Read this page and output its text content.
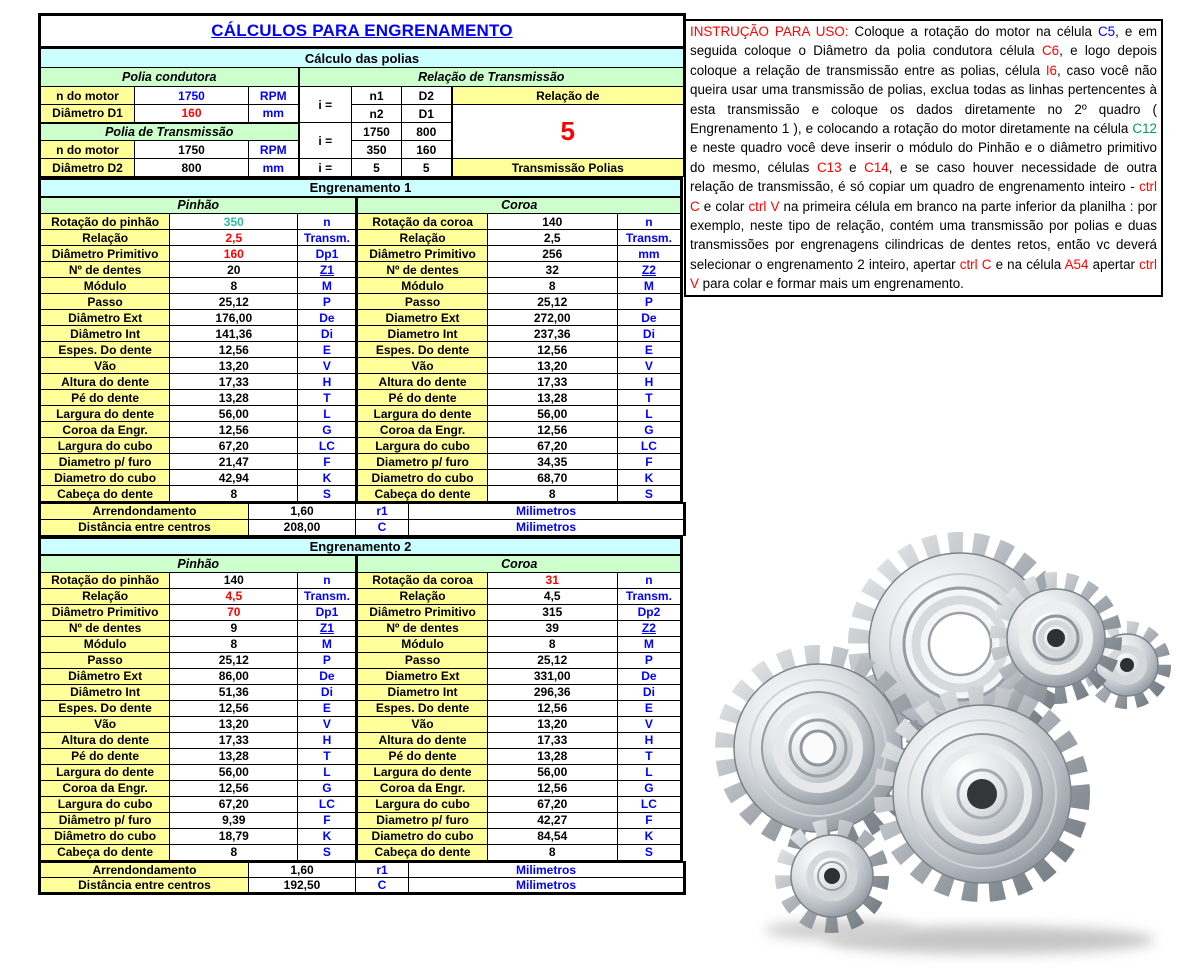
CÁLCULOS PARA ENGRENAMENTO						
Cálculo das polias						
Polia condutora			Relação de Transmissão			
n do motor	1750	RPM	i =	n1	D2	Relação de
Diâmetro D1	160	mm		n2	D1	5
Polia de Transmissão			i =	1750	800	
n do motor	1750	RPM		350	160	
Diâmetro D2	800	mm	i =	5	5	Transmissão Polias
Engrenamento 1					
Pinhão			Coroa		
Rotação do pinhão	350	n	Rotação da coroa	140	n
Relação	2,5	Transm.	Relação	2,5	Transm.
Diâmetro Primitivo	160	Dp1	Diâmetro Primitivo	256	mm
Nº de dentes	20	Z1	Nº de dentes	32	Z2
Módulo	8	M	Módulo	8	M
Passo	25,12	P	Passo	25,12	P
Diâmetro Ext	176,00	De	Diametro Ext	272,00	De
Diâmetro Int	141,36	Di	Diametro Int	237,36	Di
Espes. Do dente	12,56	E	Espes. Do dente	12,56	E
Vão	13,20	V	Vão	13,20	V
Altura do dente	17,33	H	Altura do dente	17,33	H
Pé do dente	13,28	T	Pé do dente	13,28	T
Largura do dente	56,00	L	Largura do dente	56,00	L
Coroa da Engr.	12,56	G	Coroa da Engr.	12,56	G
Largura do cubo	67,20	LC	Largura do cubo	67,20	LC
Diametro p/ furo	21,47	F	Diametro p/ furo	34,35	F
Diametro do cubo	42,94	K	Diametro do cubo	68,70	K
Cabeça do dente	8	S	Cabeça do dente	8	S
Arrendondamento	1,60	r1	Milimetros
Distância entre centros	208,00	C	Milimetros
Engrenamento 2					
Pinhão			Coroa		
Rotação do pinhão	140	n	Rotação da coroa	31	n
Relação	4,5	Transm.	Relação	4,5	Transm.
Diâmetro Primitivo	70	Dp1	Diâmetro Primitivo	315	Dp2
Nº de dentes	9	Z1	Nº de dentes	39	Z2
Módulo	8	M	Módulo	8	M
Passo	25,12	P	Passo	25,12	P
Diâmetro Ext	86,00	De	Diametro Ext	331,00	De
Diâmetro Int	51,36	Di	Diametro Int	296,36	Di
Espes. Do dente	12,56	E	Espes. Do dente	12,56	E
Vão	13,20	V	Vão	13,20	V
Altura do dente	17,33	H	Altura do dente	17,33	H
Pé do dente	13,28	T	Pé do dente	13,28	T
Largura do dente	56,00	L	Largura do dente	56,00	L
Coroa da Engr.	12,56	G	Coroa da Engr.	12,56	G
Largura do cubo	67,20	LC	Largura do cubo	67,20	LC
Diâmetro p/ furo	9,39	F	Diametro p/ furo	42,27	F
Diâmetro do cubo	18,79	K	Diametro do cubo	84,54	K
Cabeça do dente	8	S	Cabeça do dente	8	S
Arrendondamento	1,60	r1	Milimetros
Distância entre centros	192,50	C	Milimetros
INSTRUÇÃO PARA USO: Coloque a rotação do motor na célula C5, e em seguida coloque o Diâmetro da polia condutora célula C6, e logo depois coloque a relação de transmissão entre as polias, célula I6, caso você não queira usar uma transmissão de polias, exclua todas as linhas pertencentes à esta transmissão e coloque os dados diretamente no 2º quadro ( Engrenamento 1 ), e colocando a rotação do motor diretamente na célula C12 e neste quadro você deve inserir o módulo do Pinhão e o diâmetro primitivo do mesmo, células C13 e C14, e se caso houver necessidade de outra relação de transmissão, é só copiar um quadro de engrenamento inteiro - ctrl C e colar ctrl V na primeira célula em branco na parte inferior da planilha : por exemplo, neste tipo de relação, contém uma transmissão por polias e duas transmissões por engrenagens cilindricas de dentes retos, então vc deverá selecionar o engrenamento 2 inteiro, apertar ctrl C e na célula A54 apertar ctrl V para colar e formar mais um engrenamento.
